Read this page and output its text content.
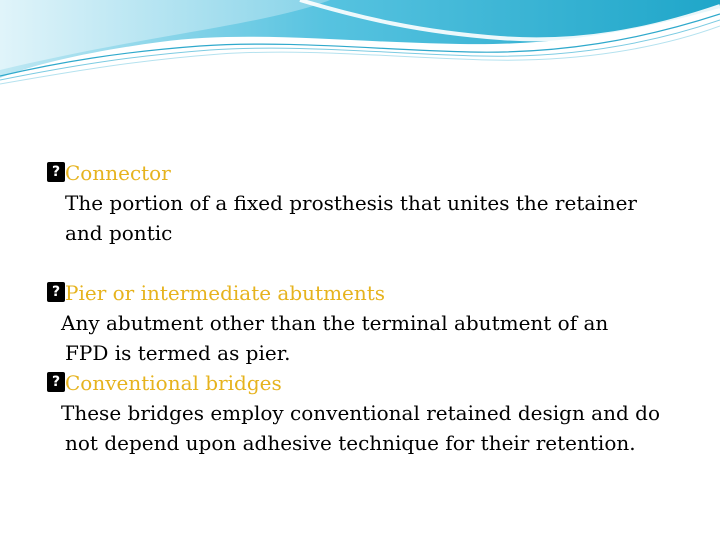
?Connector
The portion of a fixed prosthesis that unites the retainer
and pontic
?Pier or intermediate abutments
Any abutment other than the terminal abutment of an
FPD is termed as pier.
?Conventional bridges
These bridges employ conventional retained design and do
not depend upon adhesive technique for their retention.
